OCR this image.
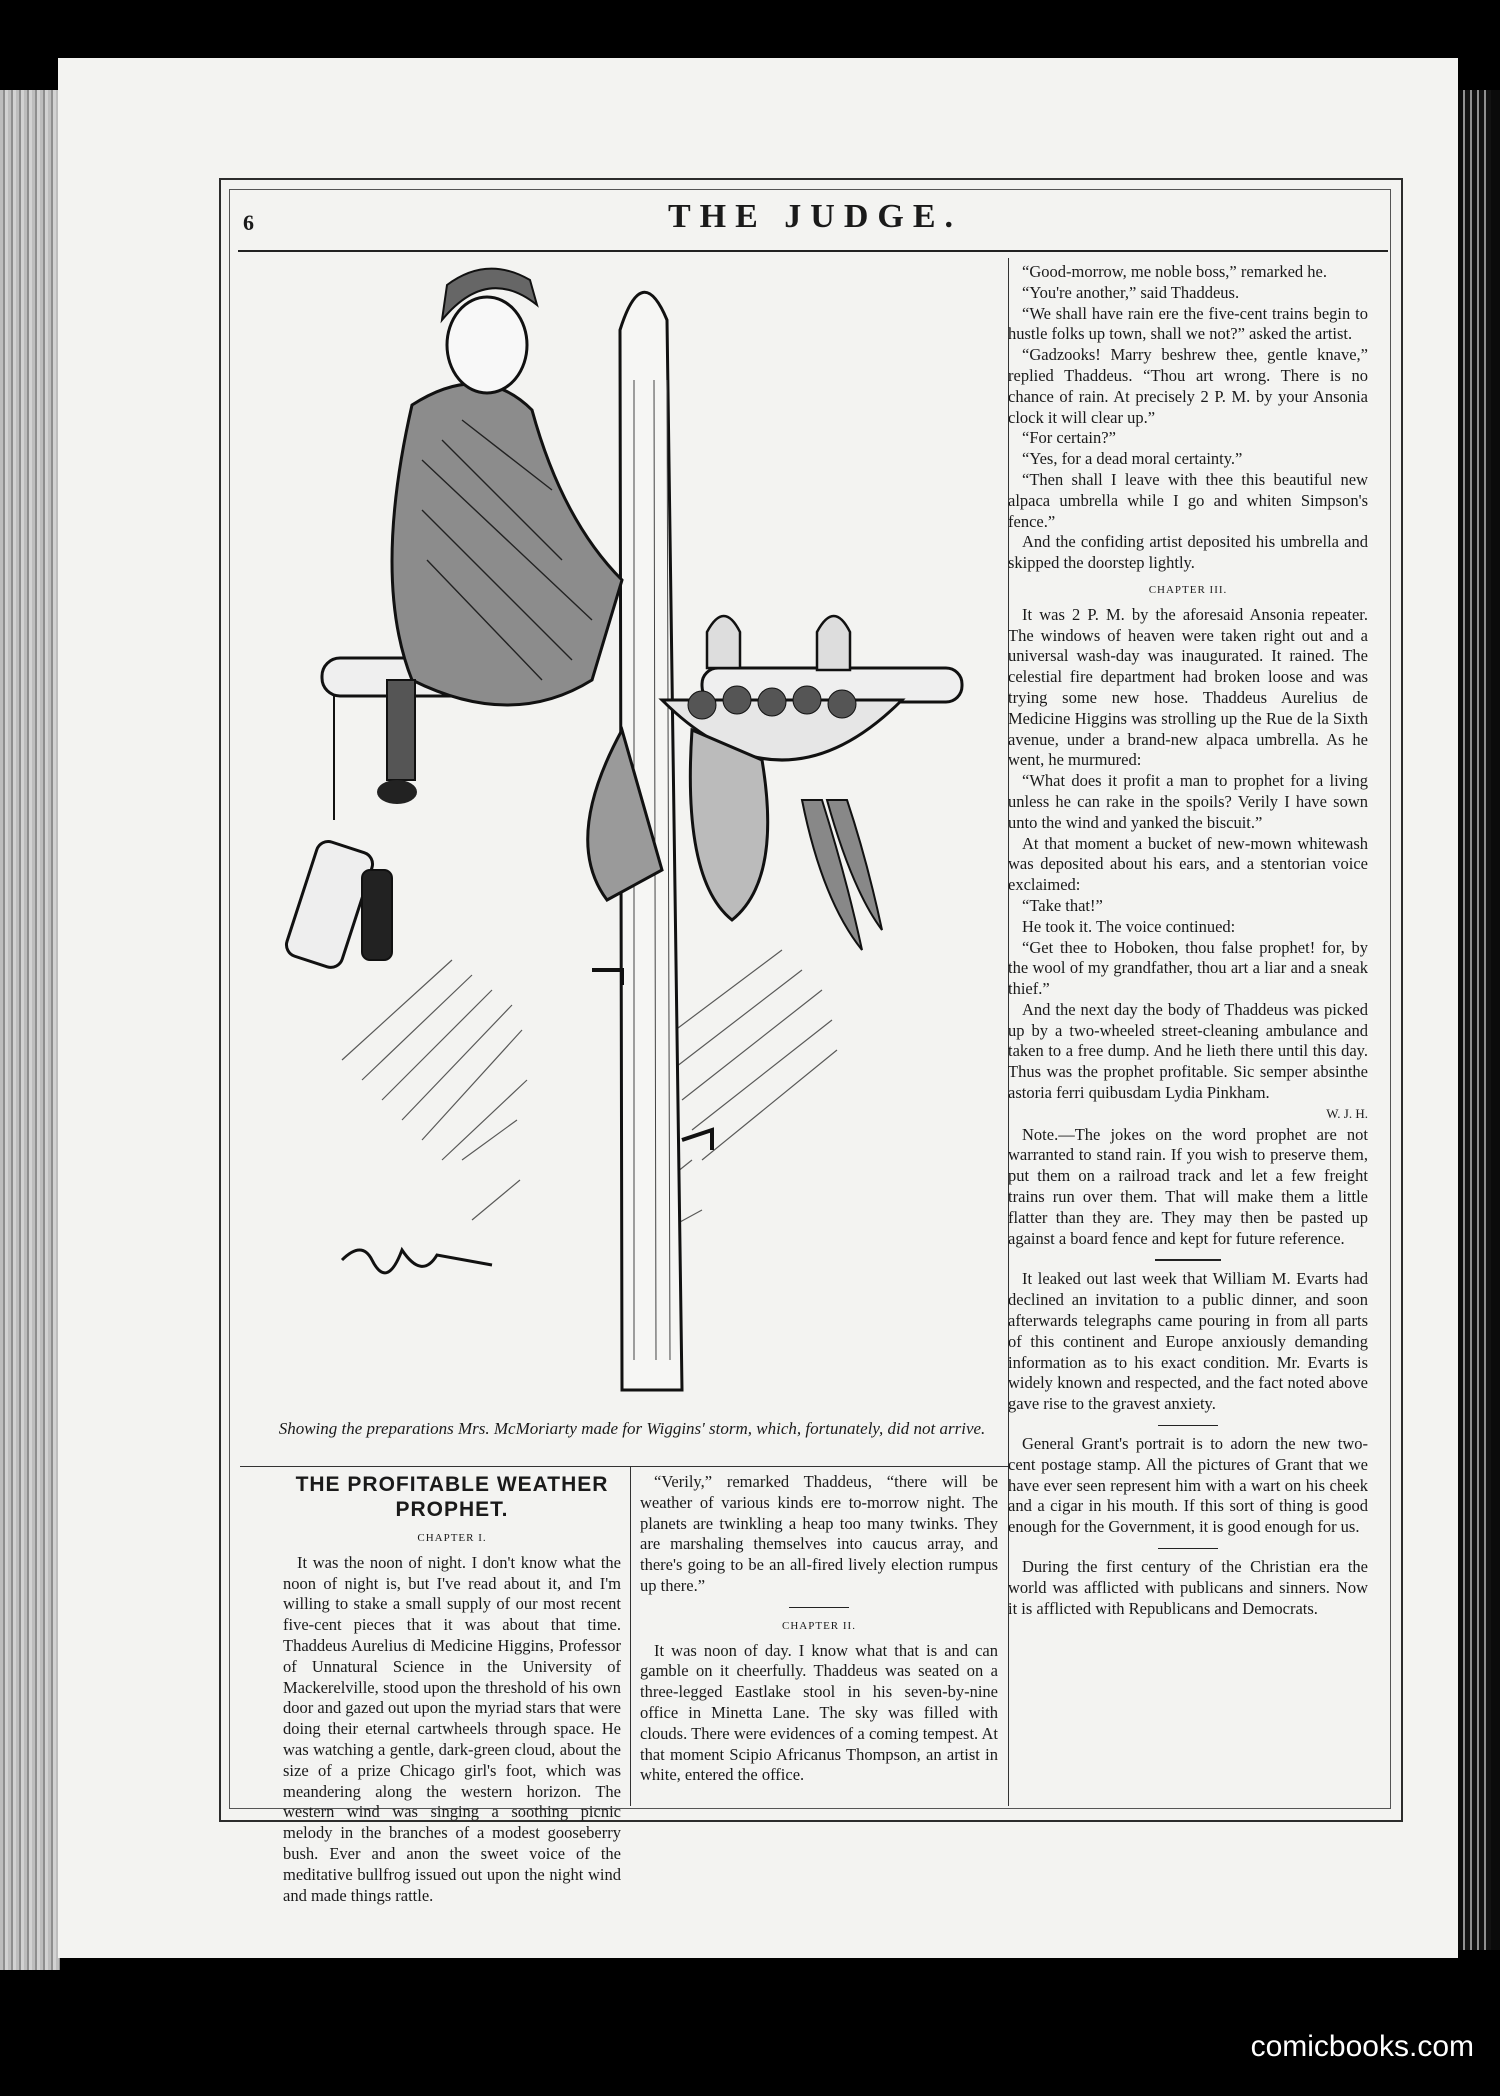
6	THE JUDGE.
Showing the preparations Mrs. McMoriarty made for Wiggins' storm, which, fortunately, did not arrive.
THE PROFITABLE WEATHER PROPHET.
CHAPTER I.

It was the noon of night. I don't know what the noon of night is, but I've read about it, and I'm willing to stake a small supply of our most recent five-cent pieces that it was about that time. Thaddeus Aurelius di Medicine Higgins, Professor of Unnatural Science in the University of Mackerelville, stood upon the threshold of his own door and gazed out upon the myriad stars that were doing their eternal cartwheels through space. He was watching a gentle, dark-green cloud, about the size of a prize Chicago girl's foot, which was meandering along the western horizon. The western wind was singing a soothing picnic melody in the branches of a modest gooseberry bush. Ever and anon the sweet voice of the meditative bullfrog issued out upon the night wind and made things rattle.

“Verily,” remarked Thaddeus, “there will be weather of various kinds ere to-morrow night. The planets are twinkling a heap too many twinks. They are marshaling themselves into caucus array, and there's going to be an all-fired lively election rumpus up there.”

CHAPTER II.

It was noon of day. I know what that is and can gamble on it cheerfully. Thaddeus was seated on a three-legged Eastlake stool in his seven-by-nine office in Minetta Lane. The sky was filled with clouds. There were evidences of a coming tempest. At that moment Scipio Africanus Thompson, an artist in white, entered the office.

“Good-morrow, me noble boss,” remarked he.

“You're another,” said Thaddeus.

“We shall have rain ere the five-cent trains begin to hustle folks up town, shall we not?” asked the artist.

“Gadzooks! Marry beshrew thee, gentle knave,” replied Thaddeus. “Thou art wrong. There is no chance of rain. At precisely 2 P. M. by your Ansonia clock it will clear up.”

“For certain?”

“Yes, for a dead moral certainty.”

“Then shall I leave with thee this beautiful new alpaca umbrella while I go and whiten Simpson's fence.”

And the confiding artist deposited his umbrella and skipped the doorstep lightly.

CHAPTER III.

It was 2 P. M. by the aforesaid Ansonia repeater. The windows of heaven were taken right out and a universal wash-day was inaugurated. It rained. The celestial fire department had broken loose and was trying some new hose. Thaddeus Aurelius de Medicine Higgins was strolling up the Rue de la Sixth avenue, under a brand-new alpaca umbrella. As he went, he murmured:

“What does it profit a man to prophet for a living unless he can rake in the spoils? Verily I have sown unto the wind and yanked the biscuit.”

At that moment a bucket of new-mown whitewash was deposited about his ears, and a stentorian voice exclaimed:

“Take that!”

He took it. The voice continued:

“Get thee to Hoboken, thou false prophet! for, by the wool of my grandfather, thou art a liar and a sneak thief.”

And the next day the body of Thaddeus was picked up by a two-wheeled street-cleaning ambulance and taken to a free dump. And he lieth there until this day. Thus was the prophet profitable. Sic semper absinthe astoria ferri quibusdam Lydia Pinkham.

W. J. H.

Note.—The jokes on the word prophet are not warranted to stand rain. If you wish to preserve them, put them on a railroad track and let a few freight trains run over them. That will make them a little flatter than they are. They may then be pasted up against a board fence and kept for future reference.

It leaked out last week that William M. Evarts had declined an invitation to a public dinner, and soon afterwards telegraphs came pouring in from all parts of this continent and Europe anxiously demanding information as to his exact condition. Mr. Evarts is widely known and respected, and the fact noted above gave rise to the gravest anxiety.

General Grant's portrait is to adorn the new two-cent postage stamp. All the pictures of Grant that we have ever seen represent him with a wart on his cheek and a cigar in his mouth. If this sort of thing is good enough for the Government, it is good enough for us.

During the first century of the Christian era the world was afflicted with publicans and sinners. Now it is afflicted with Republicans and Democrats.

comicbooks.com
